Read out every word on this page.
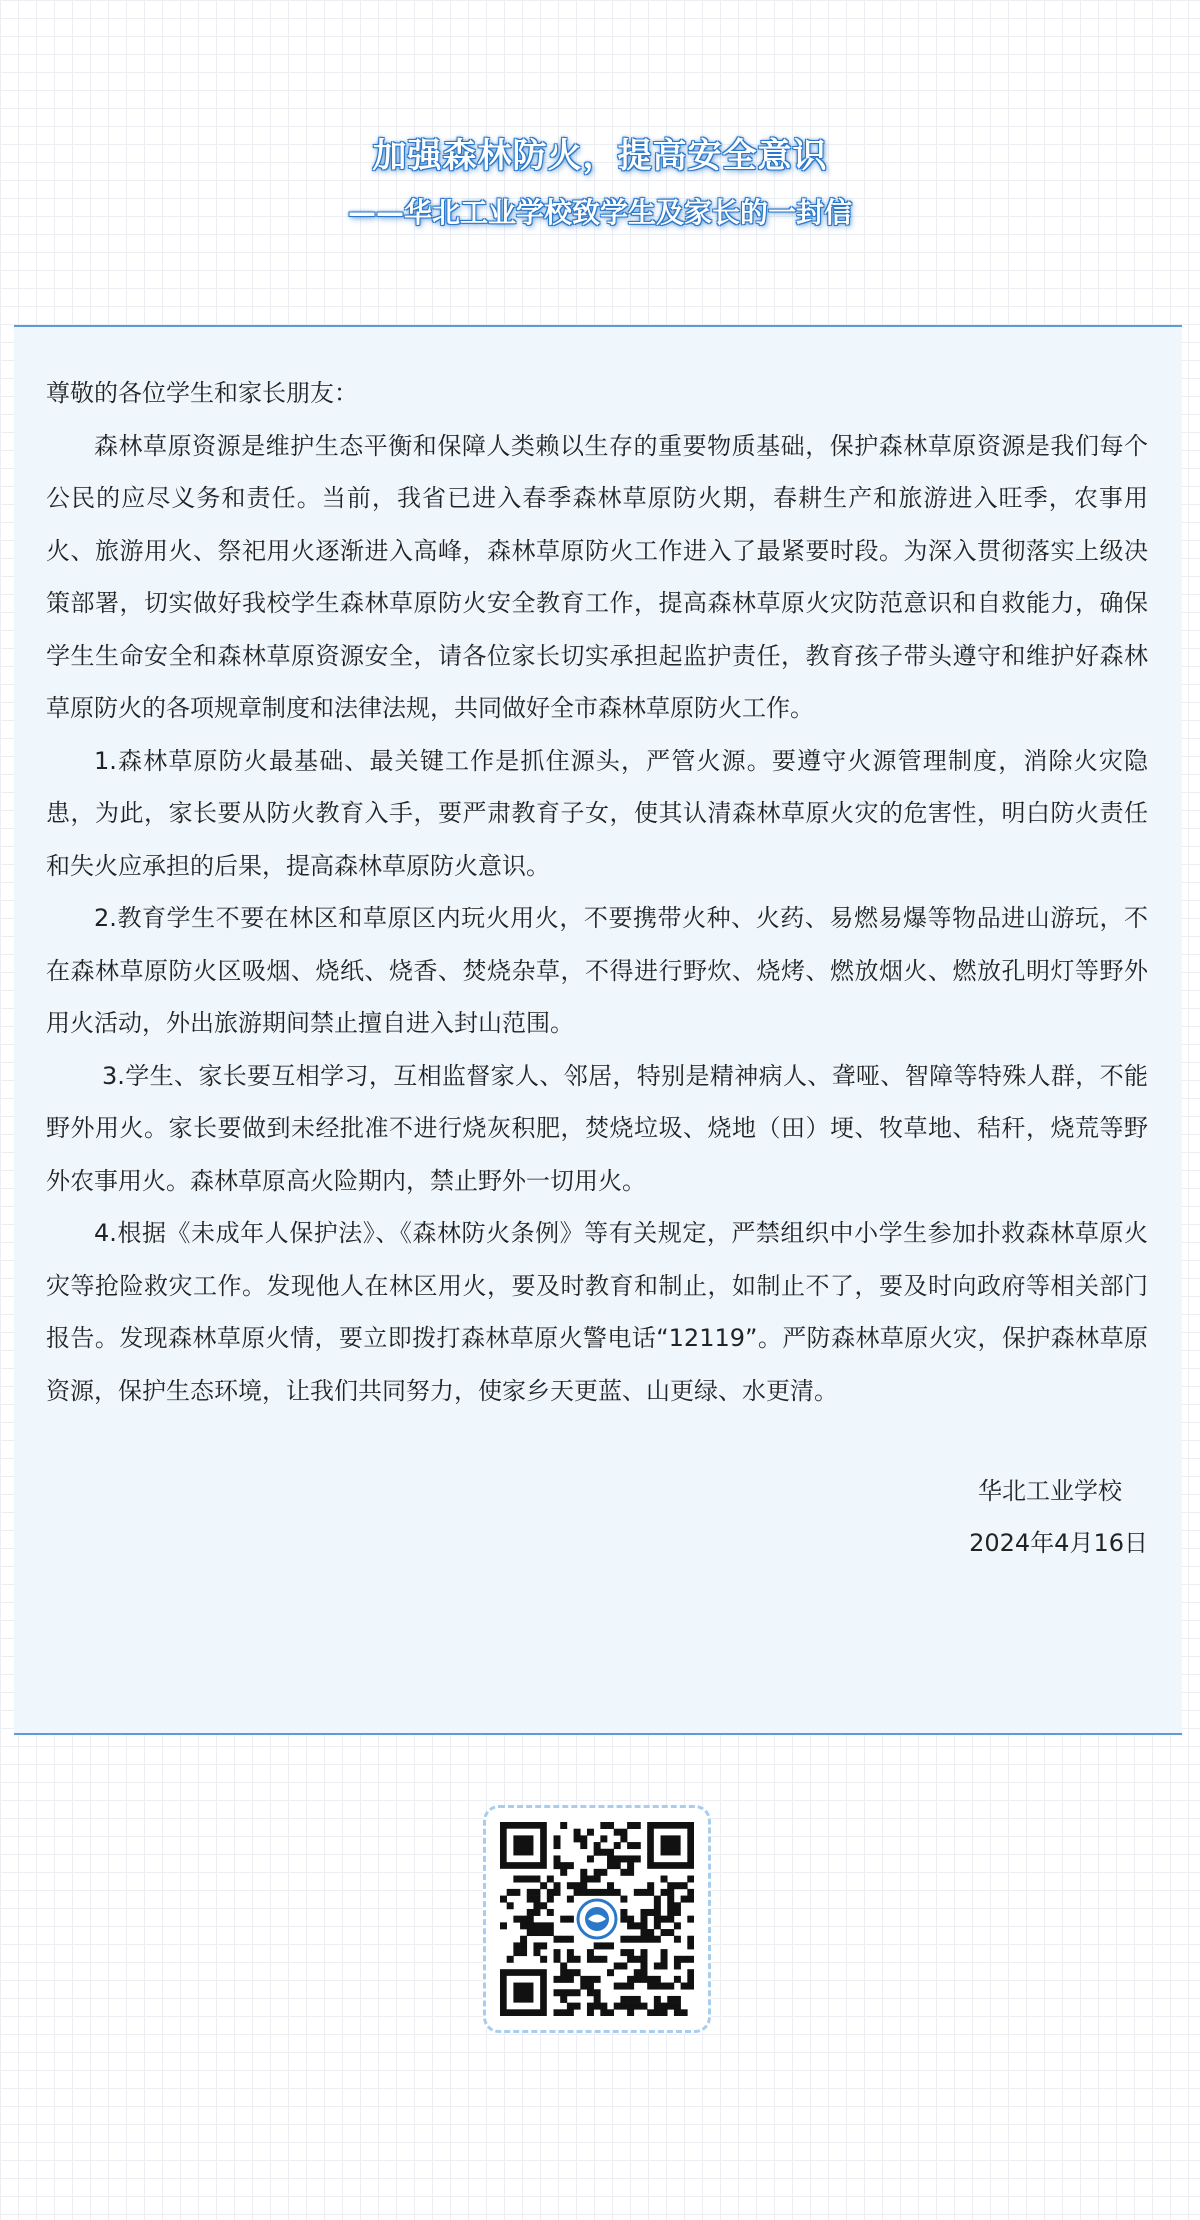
加强森林防火，提高安全意识
——华北工业学校致学生及家长的一封信
尊敬的各位学生和家长朋友：

森林草原资源是维护生态平衡和保障人类赖以生存的重要物质基础，保护森林草原资源是我们每个公民的应尽义务和责任。当前，我省已进入春季森林草原防火期，春耕生产和旅游进入旺季，农事用火、旅游用火、祭祀用火逐渐进入高峰，森林草原防火工作进入了最紧要时段。为深入贯彻落实上级决策部署，切实做好我校学生森林草原防火安全教育工作，提高森林草原火灾防范意识和自救能力，确保学生生命安全和森林草原资源安全，请各位家长切实承担起监护责任，教育孩子带头遵守和维护好森林草原防火的各项规章制度和法律法规，共同做好全市森林草原防火工作。

1.森林草原防火最基础、最关键工作是抓住源头，严管火源。要遵守火源管理制度，消除火灾隐患，为此，家长要从防火教育入手，要严肃教育子女，使其认清森林草原火灾的危害性，明白防火责任和失火应承担的后果，提高森林草原防火意识。

2.教育学生不要在林区和草原区内玩火用火，不要携带火种、火药、易燃易爆等物品进山游玩，不在森林草原防火区吸烟、烧纸、烧香、焚烧杂草，不得进行野炊、烧烤、燃放烟火、燃放孔明灯等野外用火活动，外出旅游期间禁止擅自进入封山范围。

3.学生、家长要互相学习，互相监督家人、邻居，特别是精神病人、聋哑、智障等特殊人群，不能野外用火。家长要做到未经批准不进行烧灰积肥，焚烧垃圾、烧地（田）埂、牧草地、秸秆，烧荒等野外农事用火。森林草原高火险期内，禁止野外一切用火。

4.根据《未成年人保护法》、《森林防火条例》等有关规定，严禁组织中小学生参加扑救森林草原火灾等抢险救灾工作。发现他人在林区用火，要及时教育和制止，如制止不了，要及时向政府等相关部门报告。发现森林草原火情，要立即拨打森林草原火警电话“12119”。严防森林草原火灾，保护森林草原资源，保护生态环境，让我们共同努力，使家乡天更蓝、山更绿、水更清。

华北工业学校
2024年4月16日
